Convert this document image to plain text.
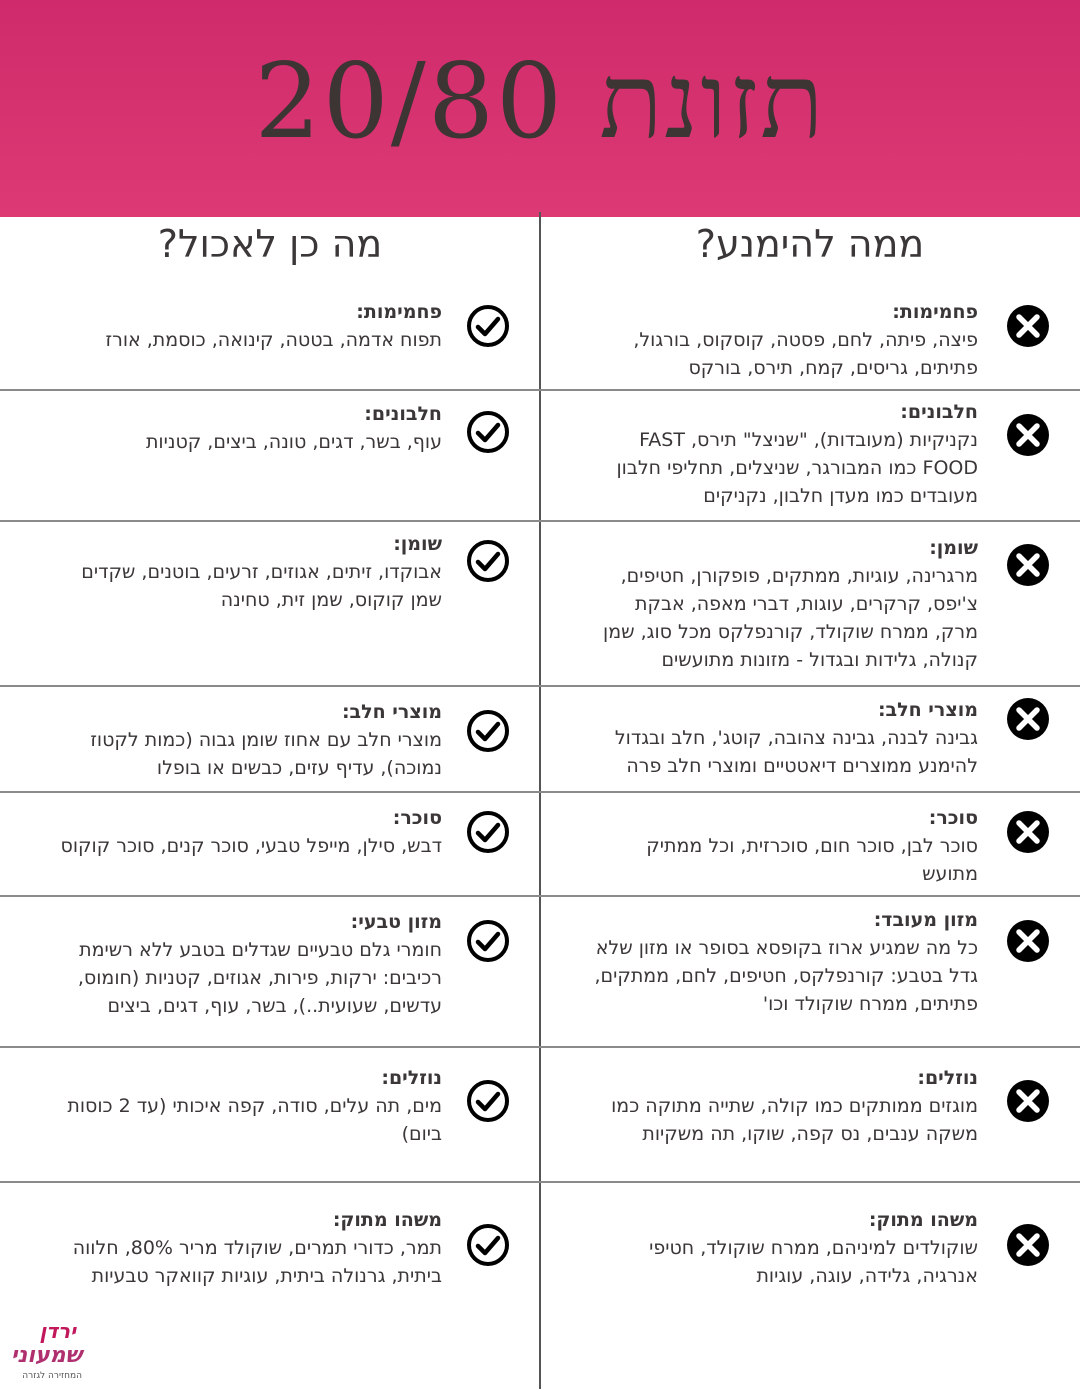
תזונת 20/80
ממה להימנע?
מה כן לאכול?
פחמימות:
פיצה, פיתה, לחם, פסטה, קוסקוס, בורגול, פתיתים, גריסים, קמח, תירס, בורקס
פחמימות:
תפוח אדמה, בטטה, קינואה, כוסמת, אורז
חלבונים:
נקניקיות (מעובדות), "שניצל" תירס, FAST FOOD כמו המבורגר, שניצלים, תחליפי חלבון מעובדים כמו מעדן חלבון, נקניקים
חלבונים:
עוף, בשר, דגים, טונה, ביצים, קטניות
שומן:
מרגרינה, עוגיות, ממתקים, פופקורן, חטיפים, צ'יפס, קרקרים, עוגות, דברי מאפה, אבקת מרק, ממרח שוקולד, קורנפלקס מכל סוג, שמן קנולה, גלידות ובגדול - מזונות מתועשים
שומן:
אבוקדו, זיתים, אגוזים, זרעים, בוטנים, שקדים שמן קוקוס, שמן זית, טחינה
מוצרי חלב:
גבינה לבנה, גבינה צהובה, קוטג', חלב ובגדול להימנע ממוצרים דיאטטיים ומוצרי חלב פרה
מוצרי חלב:
מוצרי חלב עם אחוז שומן גבוה (כמות לקטוז נמוכה), עדיף עזים, כבשים או בופלו
סוכר:
סוכר לבן, סוכר חום, סוכרזית, וכל ממתיק מתועש
סוכר:
דבש, סילן, מייפל טבעי, סוכר קנים, סוכר קוקוס
מזון מעובד:
כל מה שמגיע ארוז בקופסא בסופר או מזון שלא גדל בטבע: קורנפלקס, חטיפים, לחם, ממתקים, פתיתים, ממרח שוקולד וכו'
מזון טבעי:
חומרי גלם טבעיים שגדלים בטבע ללא רשימת רכיבים: ירקות, פירות, אגוזים, קטניות (חומוס, עדשים, שעועית..), בשר, עוף, דגים, ביצים
נוזלים:
מוגזים ממותקים כמו קולה, שתייה מתוקה כמו משקה ענבים, נס קפה, שוקו, תה משקיות
נוזלים:
מים, תה עלים, סודה, קפה איכותי (עד 2 כוסות ביום)
משהו מתוק:
שוקולדים למיניהם, ממרח שוקולד, חטיפי אנרגיה, גלידה, עוגה, עוגיות
משהו מתוק:
תמר, כדורי תמרים, שוקולד מריר 80%, חלווה ביתית, גרנולה ביתית, עוגיות קוואקר טבעיות
ירדן
שמעוני
המחזירה לגזרה
